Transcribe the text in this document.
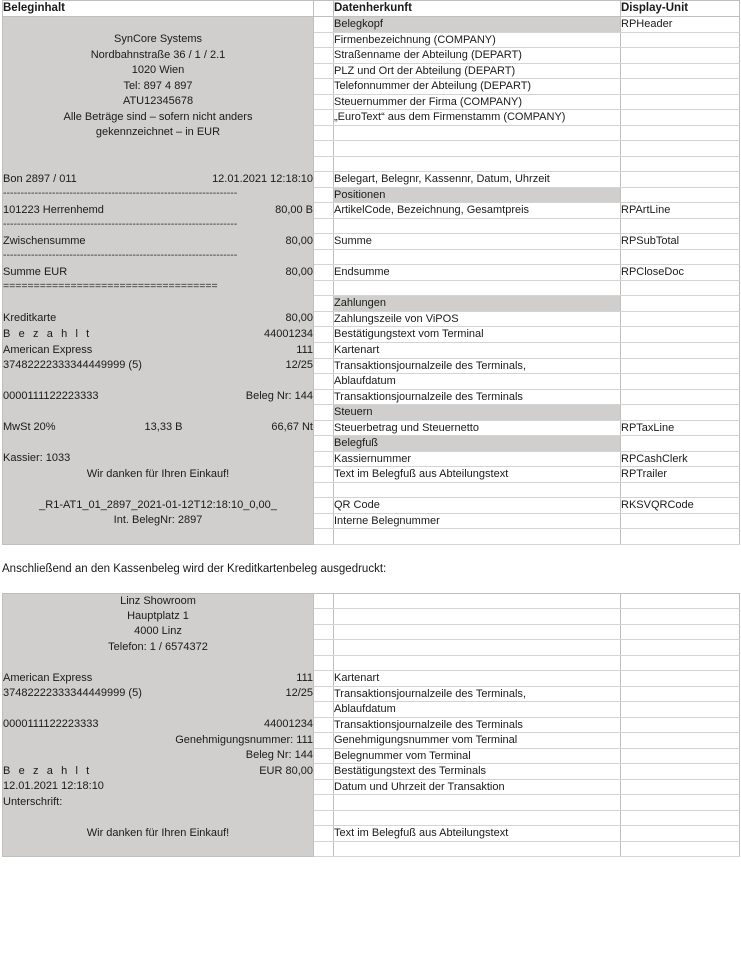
Beleginhalt		Datenherkunft	Display-Unit

		Belegkopf	RPHeader

SynCore Systems		Firmenbezeichnung (COMPANY)	

Nordbahnstraße 36 / 1 / 2.1		Straßenname der Abteilung (DEPART)	

1020 Wien		PLZ und Ort der Abteilung (DEPART)	

Tel: 897 4 897		Telefonnummer der Abteilung (DEPART)	

ATU12345678		Steuernummer der Firma (COMPANY)	

Alle Beträge sind – sofern nicht anders		„EuroText“ aus dem Firmenstamm (COMPANY)	

gekennzeichnet – in EUR			

Bon 2897 / 011 12.01.2021 12:18:10		Belegart, Belegnr, Kassennr, Datum, Uhrzeit	

-------------------------------------------------------------------		Positionen	

101223 Herrenhemd 80,00 B		ArtikelCode, Bezeichnung, Gesamtpreis	RPArtLine

-------------------------------------------------------------------			

Zwischensumme 80,00		Summe	RPSubTotal

-------------------------------------------------------------------			

Summe EUR 80,00		Endsumme	RPCloseDoc

===================================			

		Zahlungen	

Kreditkarte 80,00		Zahlungszeile von ViPOS	

B e z a h l t 44001234		Bestätigungstext vom Terminal	

American Express 111		Kartenart	

37482222333344449999 (5) 12/25		Transaktionsjournalzeile des Terminals,	

		Ablaufdatum	

0000111122223333 Beleg Nr: 144		Transaktionsjournalzeile des Terminals	

		Steuern	

MwSt 20% 13,33 B 66,67 Nt		Steuerbetrag und Steuernetto	RPTaxLine

		Belegfuß	

Kassier: 1033		Kassiernummer	RPCashClerk

Wir danken für Ihren Einkauf!		Text im Belegfuß aus Abteilungstext	RPTrailer

_R1-AT1_01_2897_2021-01-12T12:18:10_0,00_		QR Code	RKSVQRCode

Int. BelegNr: 2897		Interne Belegnummer	

Anschließend an den Kassenbeleg wird der Kreditkartenbeleg ausgedruckt:

Linz Showroom			

Hauptplatz 1			

4000 Linz			

Telefon: 1 / 6574372			

American Express 111		Kartenart	

37482222333344449999 (5) 12/25		Transaktionsjournalzeile des Terminals,	

		Ablaufdatum	

0000111122223333 44001234		Transaktionsjournalzeile des Terminals	

Genehmigungsnummer: 111		Genehmigungsnummer vom Terminal	

Beleg Nr: 144		Belegnummer vom Terminal	

B e z a h l t EUR 80,00		Bestätigungstext des Terminals	

12.01.2021 12:18:10		Datum und Uhrzeit der Transaktion	

Unterschrift:			

Wir danken für Ihren Einkauf!		Text im Belegfuß aus Abteilungstext	
